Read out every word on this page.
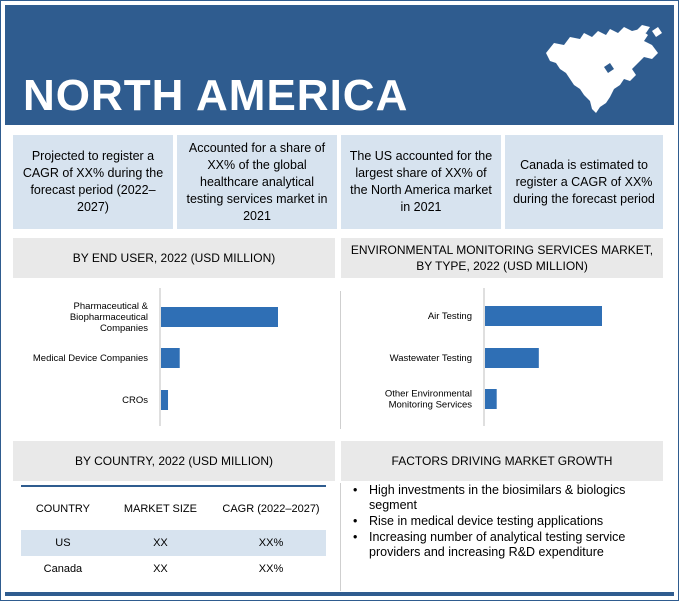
NORTH AMERICA
Projected to register a CAGR of XX% during the forecast period (2022–2027)
Accounted for a share of XX% of the global healthcare analytical testing services market in 2021
The US accounted for the largest share of XX% of the North America market in 2021
Canada is estimated to register a CAGR of XX% during the forecast period
BY END USER, 2022 (USD MILLION)
ENVIRONMENTAL MONITORING SERVICES MARKET, BY TYPE, 2022 (USD MILLION)
Pharmaceutical & Biopharmaceutical Companies
Medical Device Companies
CROs
Air Testing
Wastewater Testing
Other Environmental Monitoring Services
BY COUNTRY, 2022 (USD MILLION)	FACTORS DRIVING MARKET GROWTH
COUNTRY	MARKET SIZE	CAGR (2022–2027)
US	XX	XX%
Canada	XX	XX%
• High investments in the biosimilars & biologics segment
• Rise in medical device testing applications
• Increasing number of analytical testing service providers and increasing R&D expenditure
